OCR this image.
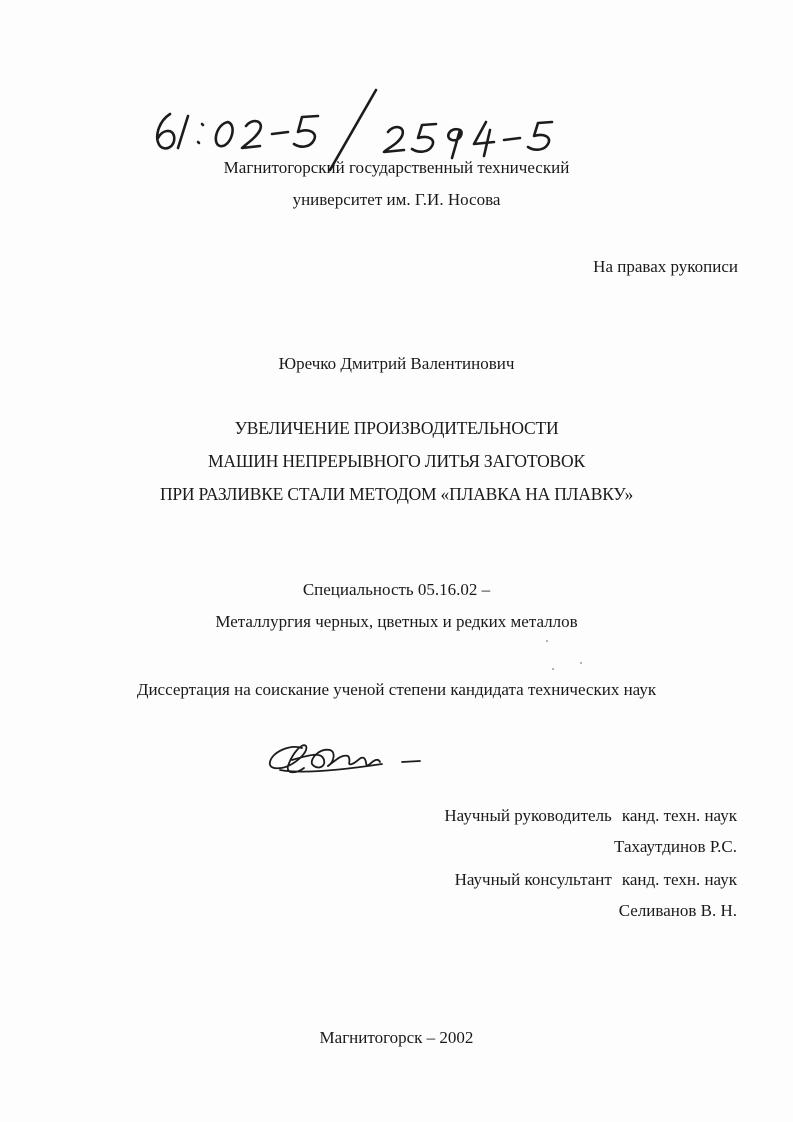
Магнитогорский государственный технический
университет им. Г.И. Носова
На правах рукописи
Юречко Дмитрий Валентинович
УВЕЛИЧЕНИЕ ПРОИЗВОДИТЕЛЬНОСТИ
МАШИН НЕПРЕРЫВНОГО ЛИТЬЯ ЗАГОТОВОК
ПРИ РАЗЛИВКЕ СТАЛИ МЕТОДОМ «ПЛАВКА НА ПЛАВКУ»
Специальность 05.16.02 –
Металлургия черных, цветных и редких металлов
Диссертация на соискание ученой степени кандидата технических наук
Научный руководитель канд. техн. наук
Тахаутдинов Р.С.
Научный консультант канд. техн. наук
Селиванов В. Н.
Магнитогорск – 2002
